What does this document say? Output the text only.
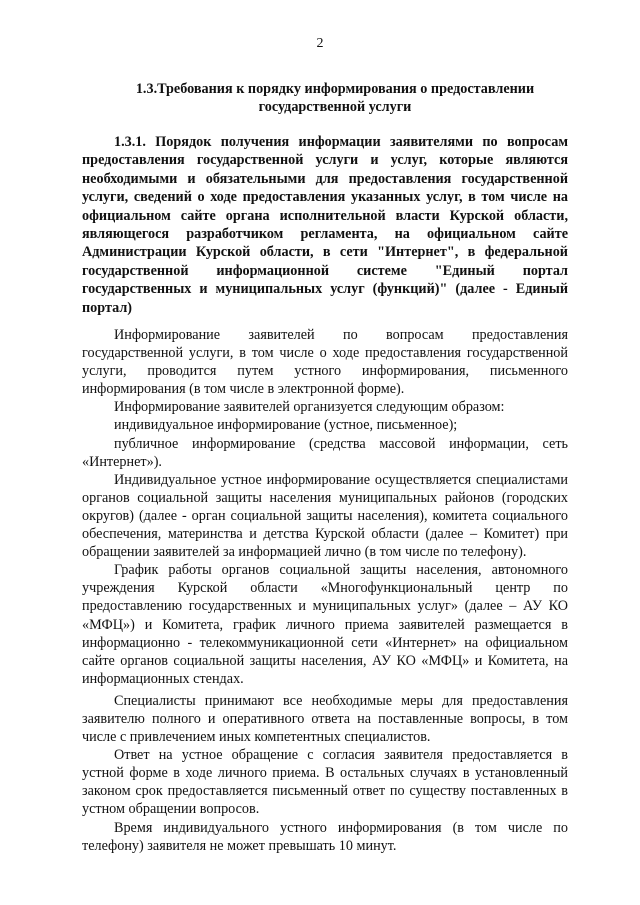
2
1.3.Требования к порядку информирования о предоставлении государственной услуги
1.3.1. Порядок получения информации заявителями по вопросам предоставления государственной услуги и услуг, которые являются необходимыми и обязательными для предоставления государственной услуги, сведений о ходе предоставления указанных услуг, в том числе на официальном сайте органа исполнительной власти Курской области, являющегося разработчиком регламента, на официальном сайте Администрации Курской области, в сети "Интернет", в федеральной государственной информационной системе "Единый портал государственных и муниципальных услуг (функций)" (далее - Единый портал)

Информирование заявителей по вопросам предоставления государственной услуги, в том числе о ходе предоставления государственной услуги, проводится путем устного информирования, письменного информирования (в том числе в электронной форме).

Информирование заявителей организуется следующим образом:

индивидуальное информирование (устное, письменное);

публичное информирование (средства массовой информации, сеть «Интернет»).

Индивидуальное устное информирование осуществляется специалистами органов социальной защиты населения муниципальных районов (городских округов) (далее - орган социальной защиты населения), комитета социального обеспечения, материнства и детства Курской области (далее – Комитет) при обращении заявителей за информацией лично (в том числе по телефону).

График работы органов социальной защиты населения, автономного учреждения Курской области «Многофункциональный центр по предоставлению государственных и муниципальных услуг» (далее – АУ КО «МФЦ») и Комитета, график личного приема заявителей размещается в информационно - телекоммуникационной сети «Интернет» на официальном сайте органов социальной защиты населения, АУ КО «МФЦ» и Комитета, на информационных стендах.

Специалисты принимают все необходимые меры для предоставления заявителю полного и оперативного ответа на поставленные вопросы, в том числе с привлечением иных компетентных специалистов.

Ответ на устное обращение с согласия заявителя предоставляется в устной форме в ходе личного приема. В остальных случаях в установленный законом срок предоставляется письменный ответ по существу поставленных в устном обращении вопросов.

Время индивидуального устного информирования (в том числе по телефону) заявителя не может превышать 10 минут.
